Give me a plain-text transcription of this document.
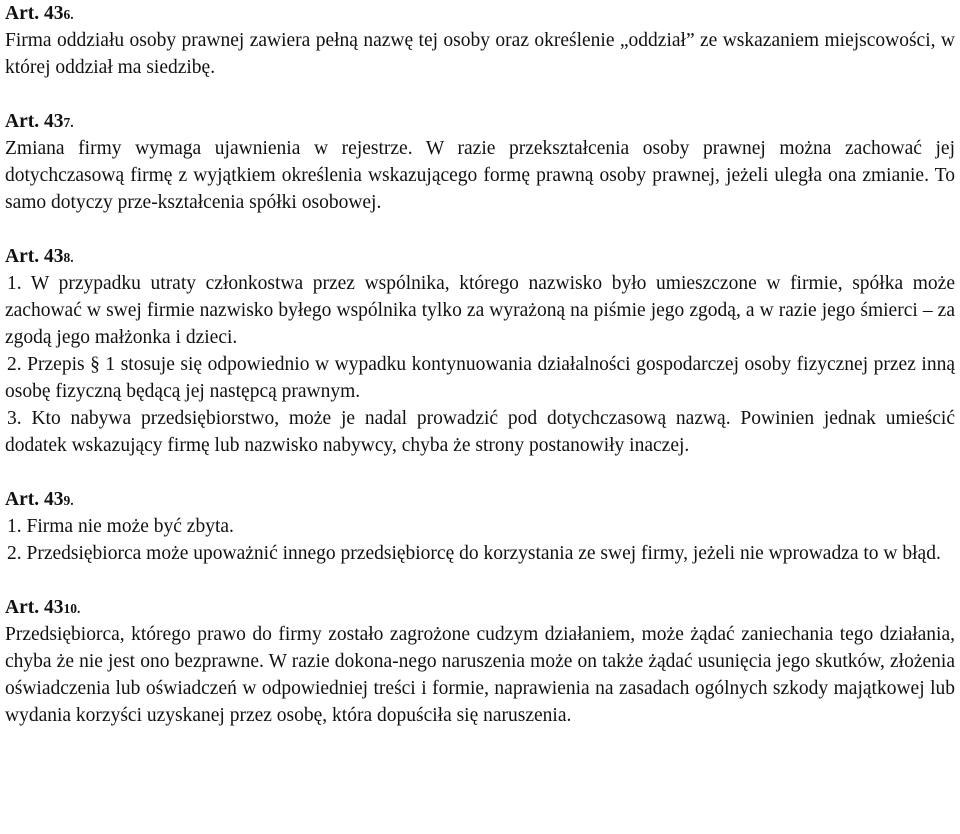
Art. 436.

Firma oddziału osoby prawnej zawiera pełną nazwę tej osoby oraz określenie „oddział” ze wskazaniem miejscowości, w której oddział ma siedzibę.

Art. 437.

Zmiana firmy wymaga ujawnienia w rejestrze. W razie przekształcenia osoby prawnej można zachować jej dotychczasową firmę z wyjątkiem określenia wskazującego formę prawną osoby prawnej, jeżeli uległa ona zmianie. To samo dotyczy prze-kształcenia spółki osobowej.

Art. 438.

1. W przypadku utraty członkostwa przez wspólnika, którego nazwisko było umieszczone w firmie, spółka może zachować w swej firmie nazwisko byłego wspólnika tylko za wyrażoną na piśmie jego zgodą, a w razie jego śmierci – za zgodą jego małżonka i dzieci.

2. Przepis § 1 stosuje się odpowiednio w wypadku kontynuowania działalności gospodarczej osoby fizycznej przez inną osobę fizyczną będącą jej następcą prawnym.

3. Kto nabywa przedsiębiorstwo, może je nadal prowadzić pod dotychczasową nazwą. Powinien jednak umieścić dodatek wskazujący firmę lub nazwisko nabywcy, chyba że strony postanowiły inaczej.

Art. 439.

1. Firma nie może być zbyta.

2. Przedsiębiorca może upoważnić innego przedsiębiorcę do korzystania ze swej firmy, jeżeli nie wprowadza to w błąd.

Art. 4310.

Przedsiębiorca, którego prawo do firmy zostało zagrożone cudzym działaniem, może żądać zaniechania tego działania, chyba że nie jest ono bezprawne. W razie dokona-nego naruszenia może on także żądać usunięcia jego skutków, złożenia oświadczenia lub oświadczeń w odpowiedniej treści i formie, naprawienia na zasadach ogólnych szkody majątkowej lub wydania korzyści uzyskanej przez osobę, która dopuściła się naruszenia.
